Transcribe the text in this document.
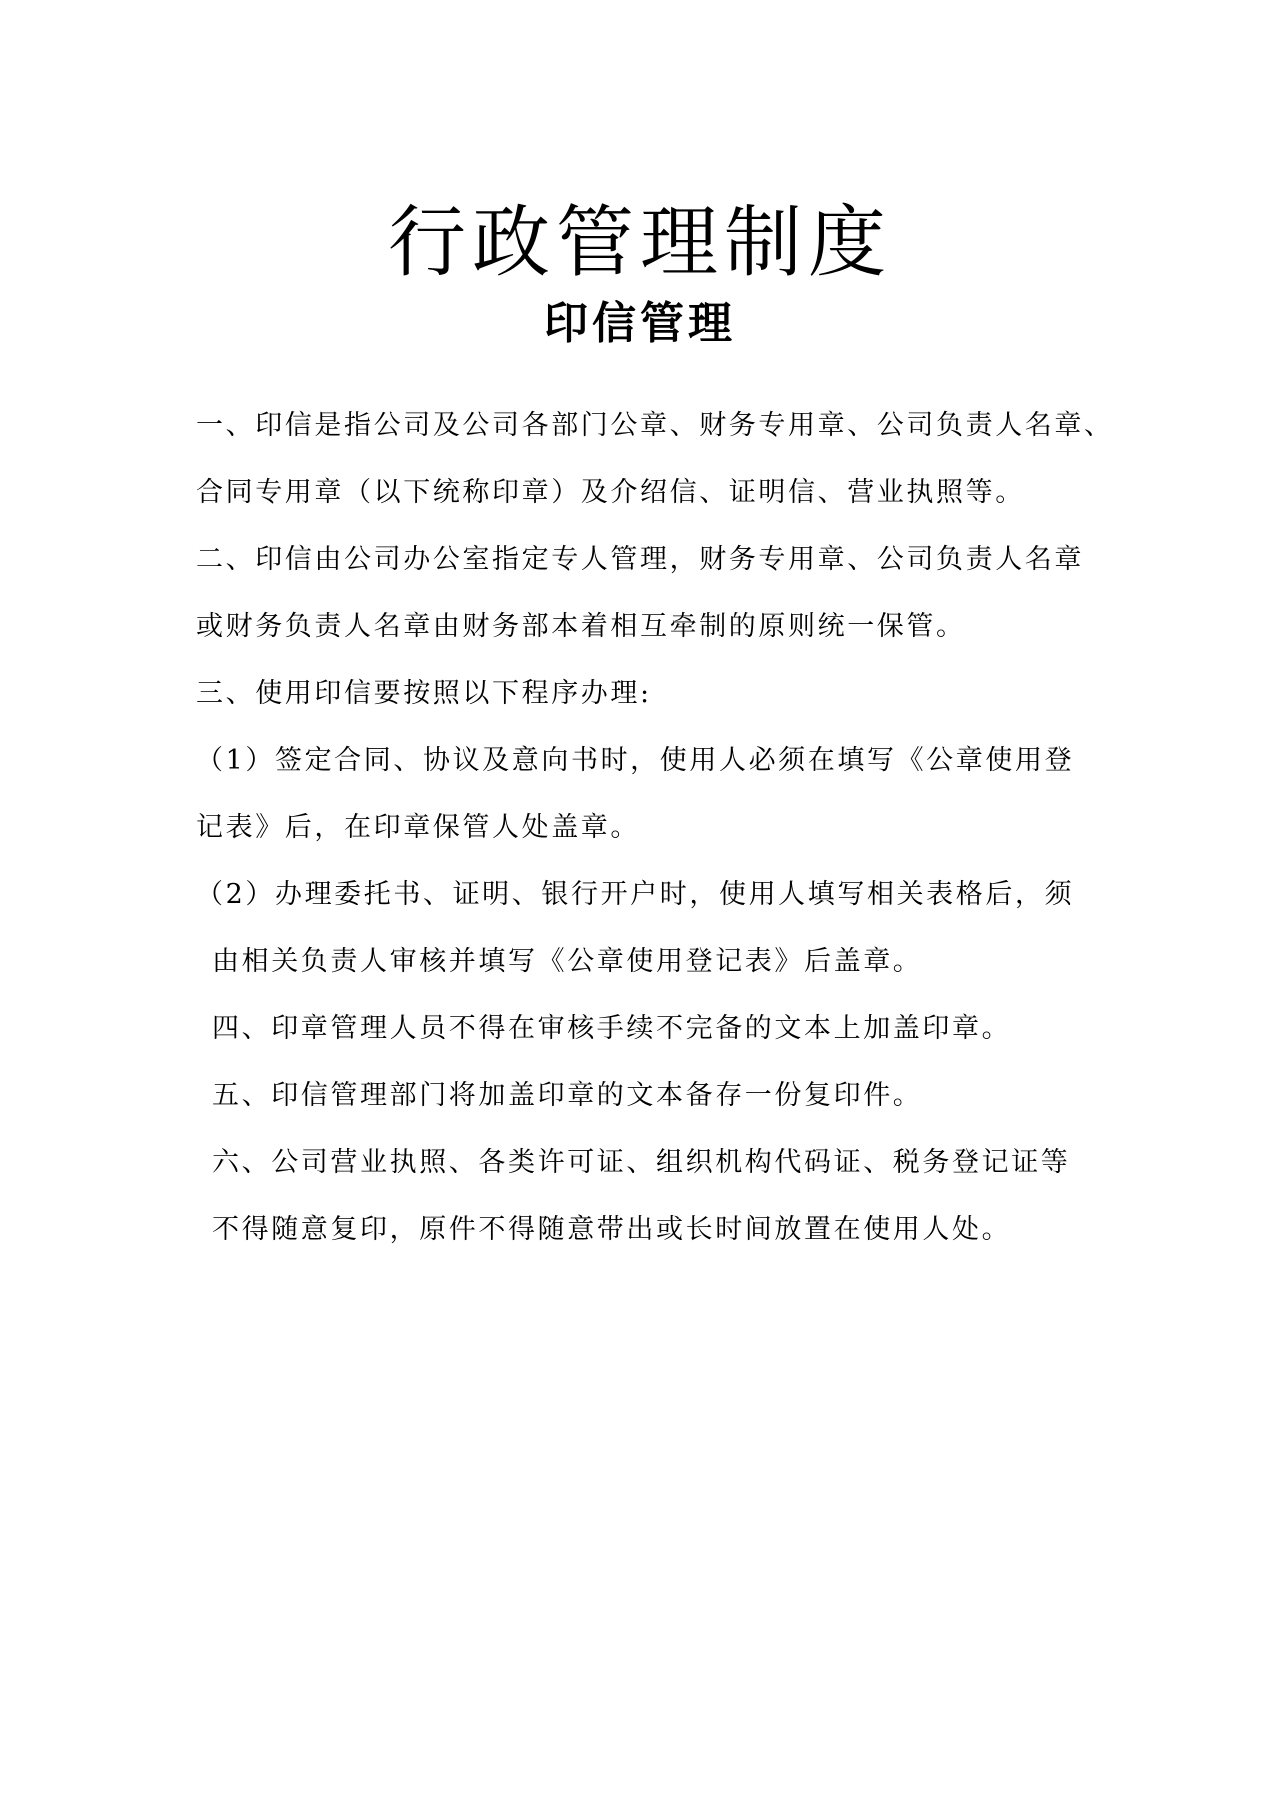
行政管理制度
印信管理

一、印信是指公司及公司各部门公章、财务专用章、公司负责人名章、

合同专用章（以下统称印章）及介绍信、证明信、营业执照等。

二、印信由公司办公室指定专人管理，财务专用章、公司负责人名章

或财务负责人名章由财务部本着相互牵制的原则统一保管。

三、使用印信要按照以下程序办理:

（1）签定合同、协议及意向书时，使用人必须在填写《公章使用登

记表》后，在印章保管人处盖章。

（2）办理委托书、证明、银行开户时，使用人填写相关表格后，须

由相关负责人审核并填写《公章使用登记表》后盖章。

四、印章管理人员不得在审核手续不完备的文本上加盖印章。

五、印信管理部门将加盖印章的文本备存一份复印件。

六、公司营业执照、各类许可证、组织机构代码证、税务登记证等

不得随意复印，原件不得随意带出或长时间放置在使用人处。
